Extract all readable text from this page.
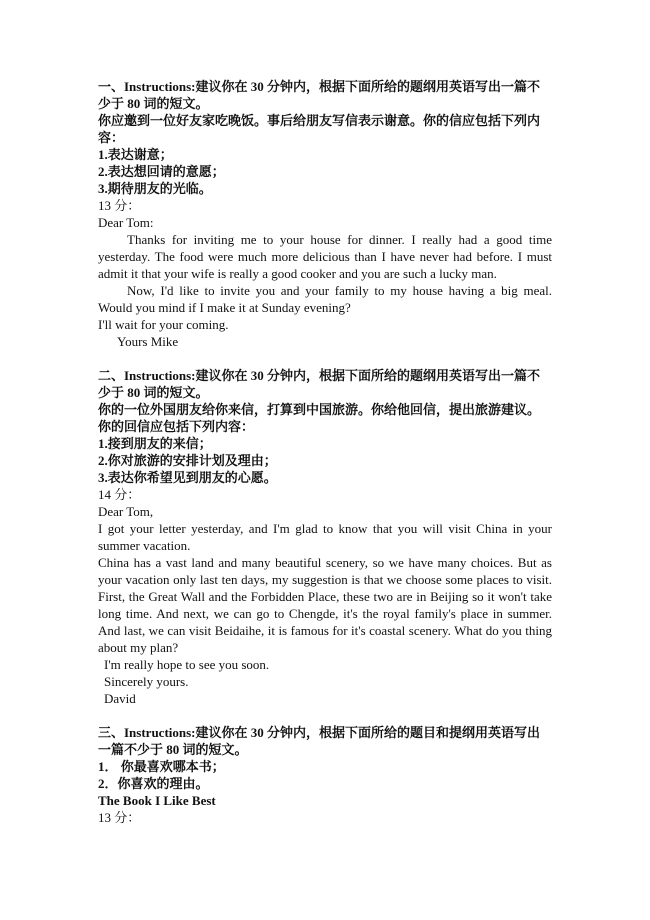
一、Instructions:建议你在 30 分钟内，根据下面所给的题纲用英语写出一篇不
少于 80 词的短文。
你应邀到一位好友家吃晚饭。事后给朋友写信表示谢意。你的信应包括下列内
容：
1.表达谢意；
2.表达想回请的意愿；
3.期待朋友的光临。
13 分：
Dear Tom:
Thanks for inviting me to your house for dinner. I really had a good time yesterday. The food were much more delicious than I have never had before. I must admit it that your wife is really a good cooker and you are such a lucky man.
Now, I'd like to invite you and your family to my house having a big meal. Would you mind if I make it at Sunday evening?
I'll wait for your coming.
Yours Mike
二、Instructions:建议你在 30 分钟内，根据下面所给的题纲用英语写出一篇不
少于 80 词的短文。
你的一位外国朋友给你来信，打算到中国旅游。你给他回信，提出旅游建议。
你的回信应包括下列内容：
1.接到朋友的来信；
2.你对旅游的安排计划及理由；
3.表达你希望见到朋友的心愿。
14 分：
Dear Tom,
I got your letter yesterday, and I'm glad to know that you will visit China in your summer vacation.
China has a vast land and many beautiful scenery, so we have many choices. But as your vacation only last ten days, my suggestion is that we choose some places to visit. First, the Great Wall and the Forbidden Place, these two are in Beijing so it won't take long time. And next, we can go to Chengde, it's the royal family's place in summer. And last, we can visit Beidaihe, it is famous for it's coastal scenery. What do you thing about my plan?
I'm really hope to see you soon.
Sincerely yours.
David
三、Instructions:建议你在 30 分钟内，根据下面所给的题目和提纲用英语写出
一篇不少于 80 词的短文。
1． 你最喜欢哪本书；
2．你喜欢的理由。
The Book I Like Best
13 分：
